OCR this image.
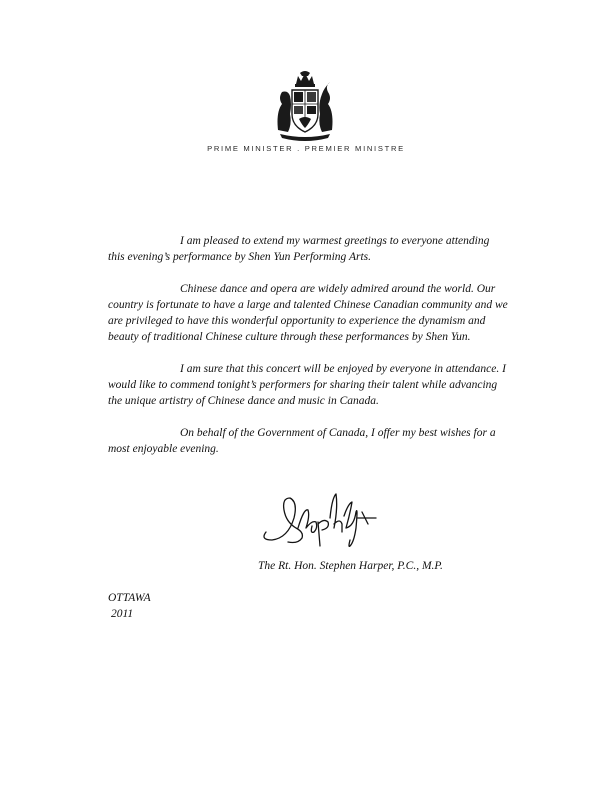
PRIME MINISTER . PREMIER MINISTRE

I am pleased to extend my warmest greetings to everyone attending this evening’s performance by Shen Yun Performing Arts.

Chinese dance and opera are widely admired around the world. Our country is fortunate to have a large and talented Chinese Canadian community and we are privileged to have this wonderful opportunity to experience the dynamism and beauty of traditional Chinese culture through these performances by Shen Yun.

I am sure that this concert will be enjoyed by everyone in attendance. I would like to commend tonight’s performers for sharing their talent while advancing the unique artistry of Chinese dance and music in Canada.

On behalf of the Government of Canada, I offer my best wishes for a most enjoyable evening.

The Rt. Hon. Stephen Harper, P.C., M.P.
OTTAWA
2011
